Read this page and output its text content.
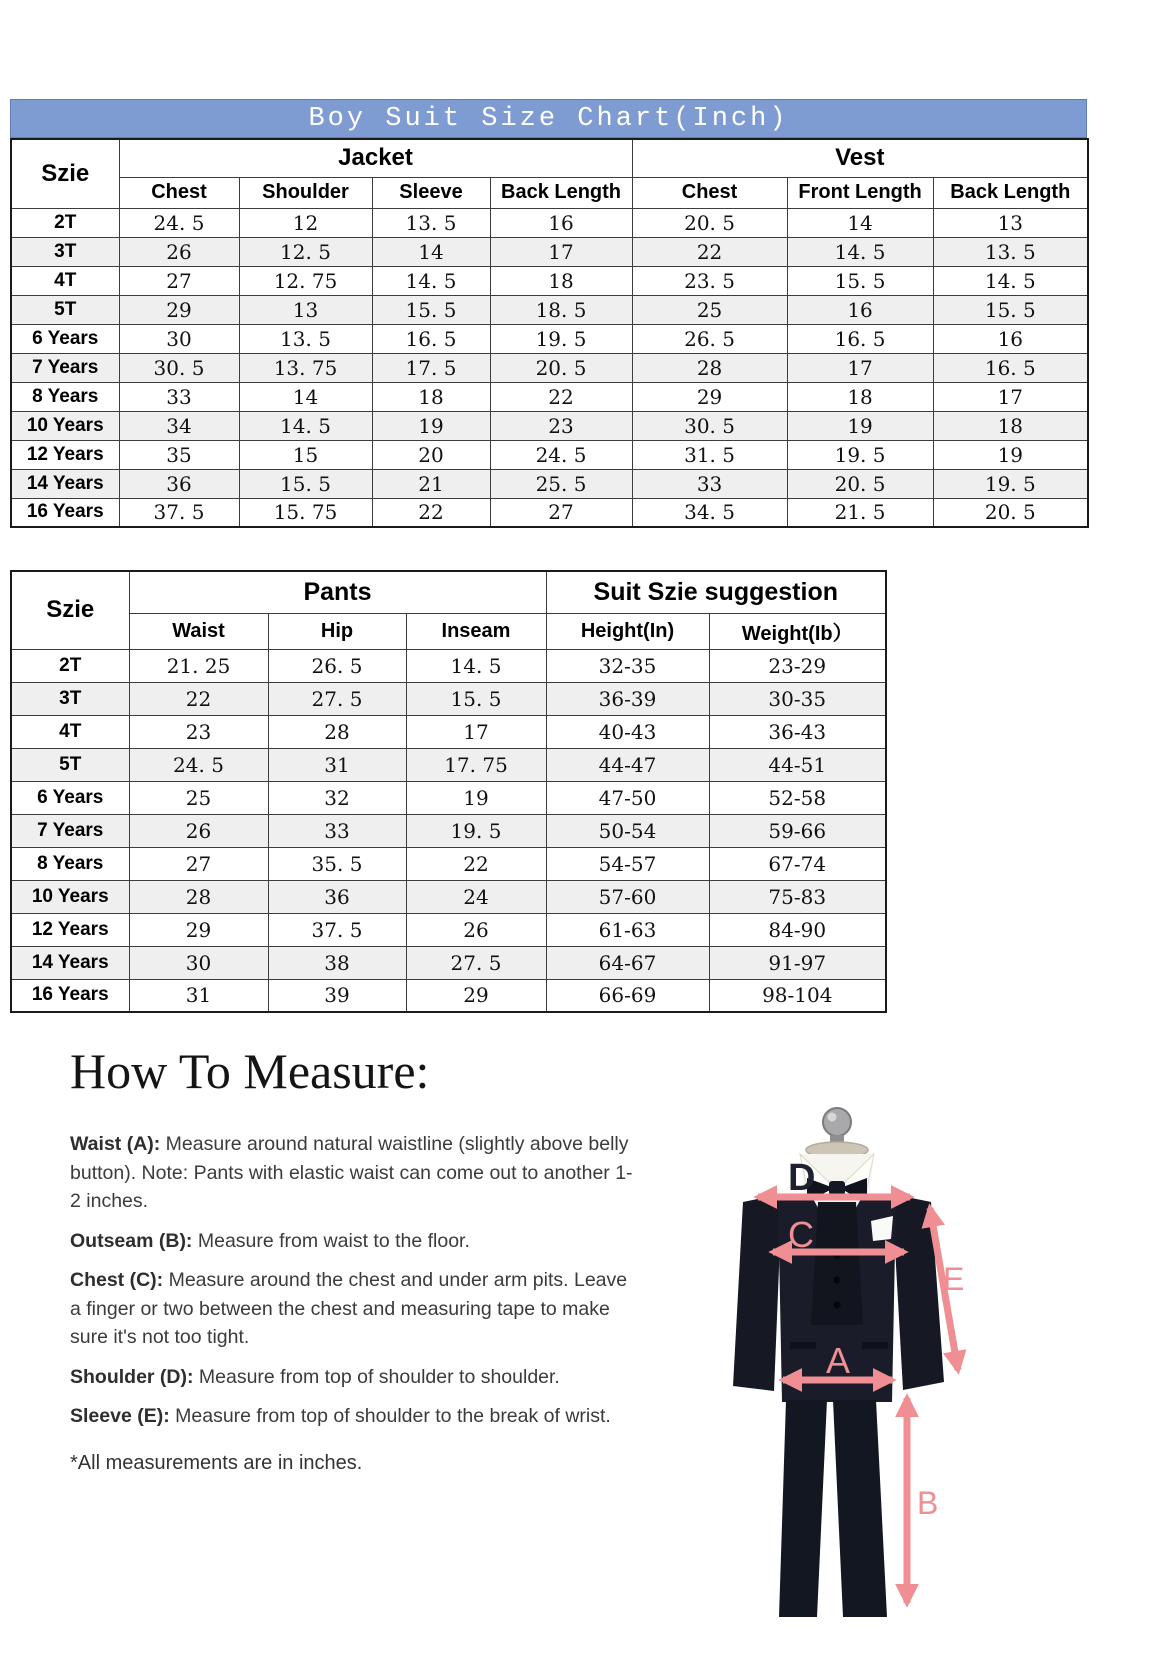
Boy Suit Size Chart(Inch)
Szie	Jacket				Vest		
	Chest	Shoulder	Sleeve	Back Length	Chest	Front Length	Back Length
2T	24. 5	12	13. 5	16	20. 5	14	13
3T	26	12. 5	14	17	22	14. 5	13. 5
4T	27	12. 75	14. 5	18	23. 5	15. 5	14. 5
5T	29	13	15. 5	18. 5	25	16	15. 5
6 Years	30	13. 5	16. 5	19. 5	26. 5	16. 5	16
7 Years	30. 5	13. 75	17. 5	20. 5	28	17	16. 5
8 Years	33	14	18	22	29	18	17
10 Years	34	14. 5	19	23	30. 5	19	18
12 Years	35	15	20	24. 5	31. 5	19. 5	19
14 Years	36	15. 5	21	25. 5	33	20. 5	19. 5
16 Years	37. 5	15. 75	22	27	34. 5	21. 5	20. 5
Szie	Pants			Suit Szie suggestion	
	Waist	Hip	Inseam	Height(In)	Weight(Ib）
2T	21. 25	26. 5	14. 5	32-35	23-29
3T	22	27. 5	15. 5	36-39	30-35
4T	23	28	17	40-43	36-43
5T	24. 5	31	17. 75	44-47	44-51
6 Years	25	32	19	47-50	52-58
7 Years	26	33	19. 5	50-54	59-66
8 Years	27	35. 5	22	54-57	67-74
10 Years	28	36	24	57-60	75-83
12 Years	29	37. 5	26	61-63	84-90
14 Years	30	38	27. 5	64-67	91-97
16 Years	31	39	29	66-69	98-104
How To Measure:

Waist (A): Measure around natural waistline (slightly above belly button). Note: Pants with elastic waist can come out to another 1-2 inches.

Outseam (B): Measure from waist to the floor.

Chest (C): Measure around the chest and under arm pits. Leave a finger or two between the chest and measuring tape to make sure it's not too tight.

Shoulder (D): Measure from top of shoulder to shoulder.

Sleeve (E): Measure from top of shoulder to the break of wrist.

*All measurements are in inches.

D
C
E
A
B
